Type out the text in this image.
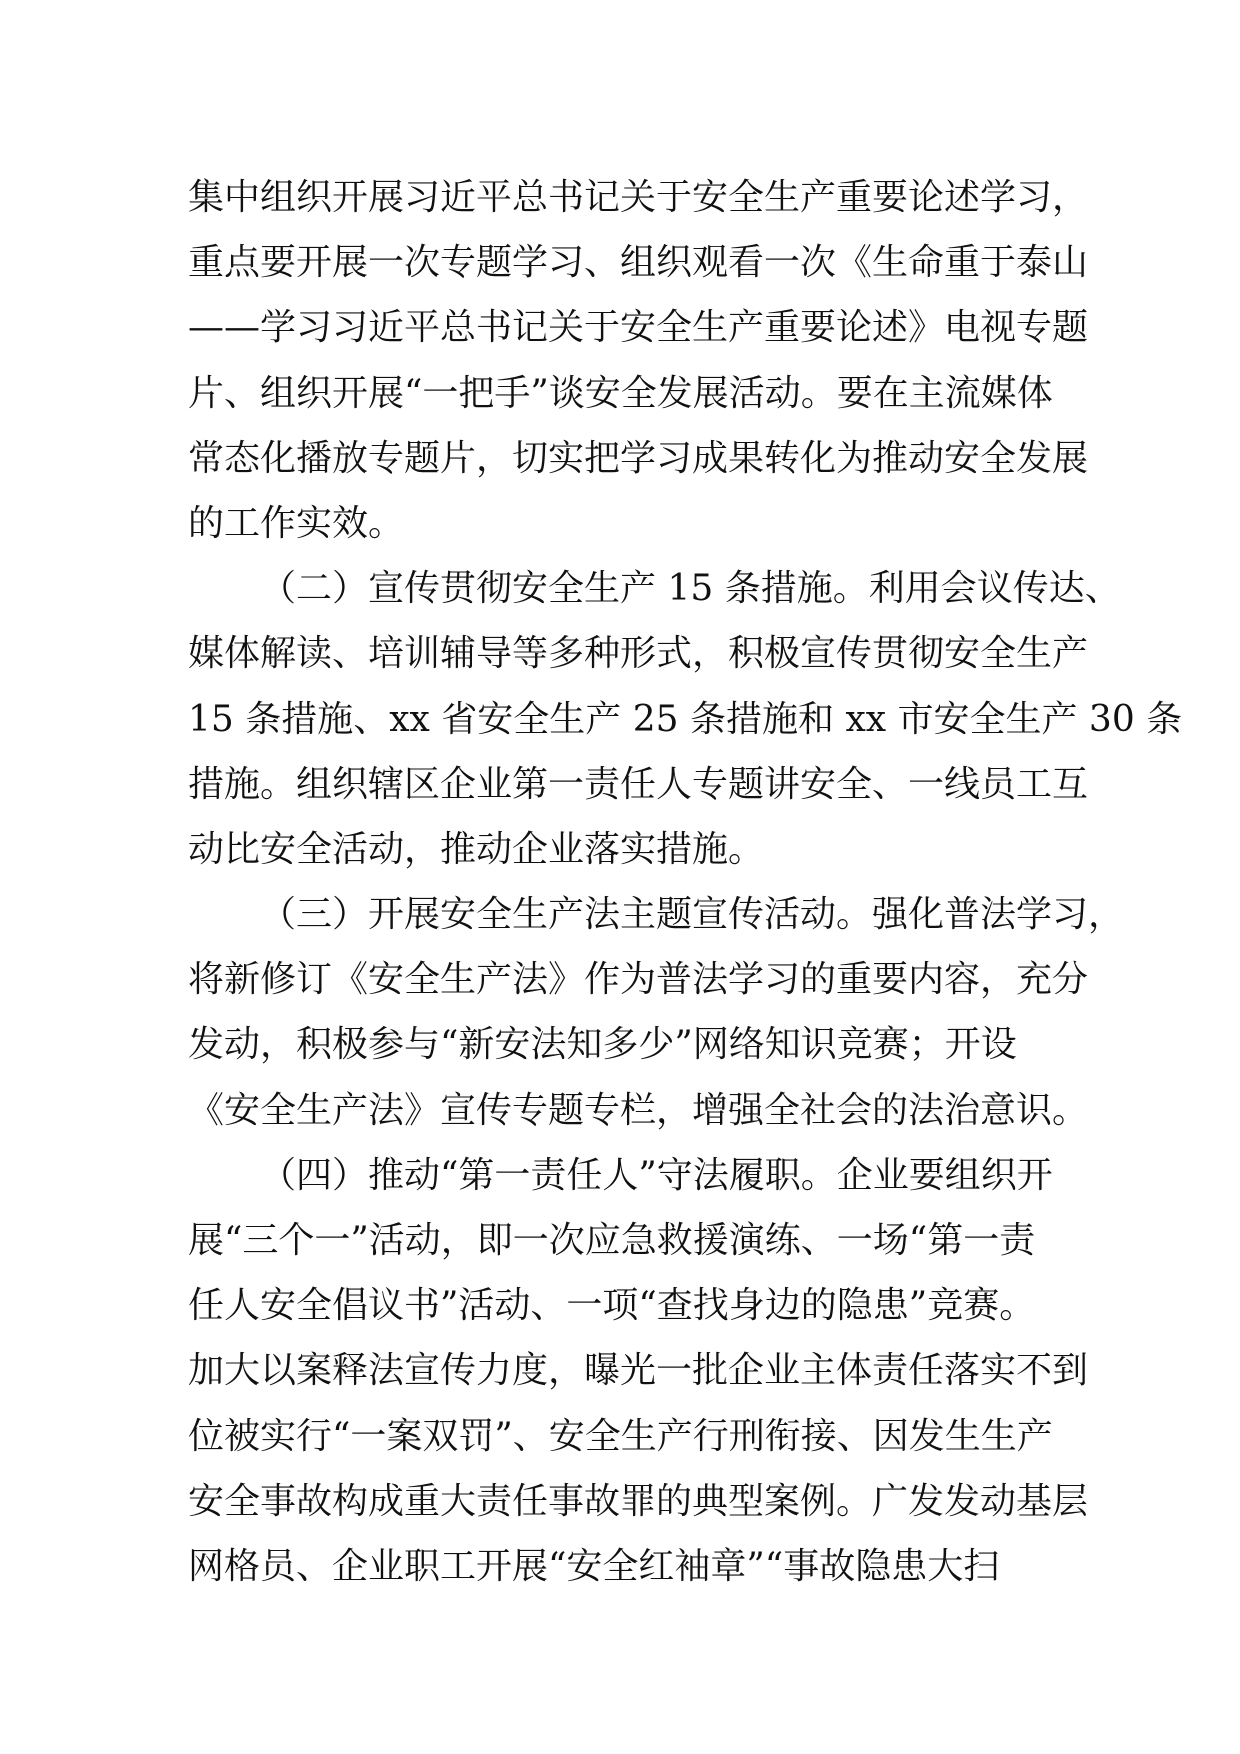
集中组织开展习近平总书记关于安全生产重要论述学习，
重点要开展一次专题学习、组织观看一次《生命重于泰山
——学习习近平总书记关于安全生产重要论述》电视专题
片、组织开展“一把手”谈安全发展活动。要在主流媒体
常态化播放专题片，切实把学习成果转化为推动安全发展
的工作实效。
（二）宣传贯彻安全生产 15 条措施。利用会议传达、
媒体解读、培训辅导等多种形式，积极宣传贯彻安全生产
15 条措施、xx 省安全生产 25 条措施和 xx 市安全生产 30 条
措施。组织辖区企业第一责任人专题讲安全、一线员工互
动比安全活动，推动企业落实措施。
（三）开展安全生产法主题宣传活动。强化普法学习，
将新修订《安全生产法》作为普法学习的重要内容，充分
发动，积极参与“新安法知多少”网络知识竞赛；开设
《安全生产法》宣传专题专栏，增强全社会的法治意识。
（四）推动“第一责任人”守法履职。企业要组织开
展“三个一”活动，即一次应急救援演练、一场“第一责
任人安全倡议书”活动、一项“查找身边的隐患”竞赛。
加大以案释法宣传力度，曝光一批企业主体责任落实不到
位被实行“一案双罚”、安全生产行刑衔接、因发生生产
安全事故构成重大责任事故罪的典型案例。广发发动基层
网格员、企业职工开展“安全红袖章”“事故隐患大扫
